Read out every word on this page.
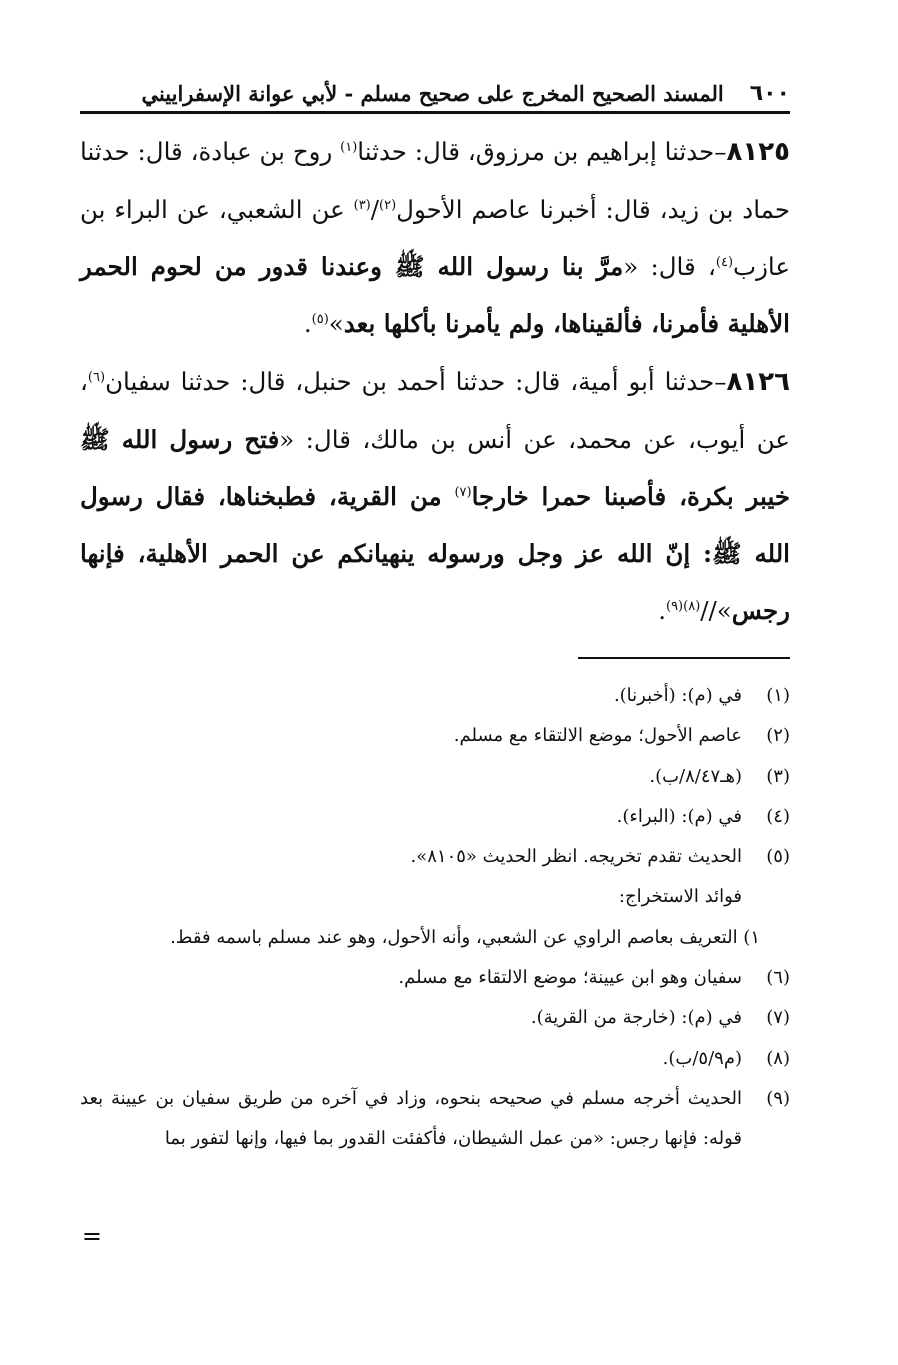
٦٠٠
المسند الصحيح المخرج على صحيح مسلم - لأبي عوانة الإسفراييني

٨١٢٥–حدثنا إبراهيم بن مرزوق، قال: حدثنا$^{(١)}$ روح بن عبادة، قال: حدثنا حماد بن زيد، قال: أخبرنا عاصم الأحول$^{(٢)}$/$^{(٣)}$ عن الشعبي، عن البراء بن عازب$^{(٤)}$، قال: «مرَّ بنا رسول الله ﷺ وعندنا قدور من لحوم الحمر الأهلية فأمرنا، فألقيناها، ولم يأمرنا بأكلها بعد»$^{(٥)}$.

٨١٢٦–حدثنا أبو أمية، قال: حدثنا أحمد بن حنبل، قال: حدثنا سفيان$^{(٦)}$، عن أيوب، عن محمد، عن أنس بن مالك، قال: «فتح رسول الله ﷺ خيبر بكرة، فأصبنا حمرا خارجا$^{(٧)}$ من القرية، فطبخناها، فقال رسول الله ﷺ: إنّ الله عز وجل ورسوله ينهيانكم عن الحمر الأهلية، فإنها رجس»//$^{(٨)(٩)}$.

(١)
في (م): (أخبرنا).
(٢)
عاصم الأحول؛ موضع الالتقاء مع مسلم.
(٣)
(هـ٨/٤٧/ب).
(٤)
في (م): (البراء).
(٥)
الحديث تقدم تخريجه. انظر الحديث «٨١٠٥».
فوائد الاستخراج:
١) التعريف بعاصم الراوي عن الشعبي، وأنه الأحول، وهو عند مسلم باسمه فقط.
(٦)
سفيان وهو ابن عيينة؛ موضع الالتقاء مع مسلم.
(٧)
في (م): (خارجة من القرية).
(٨)
(م٥/٩/ب).
(٩)
الحديث أخرجه مسلم في صحيحه بنحوه، وزاد في آخره من طريق سفيان بن عيينة بعد قوله: فإنها رجس: «من عمل الشيطان، فأكفئت القدور بما فيها، وإنها لتفور بما
=
